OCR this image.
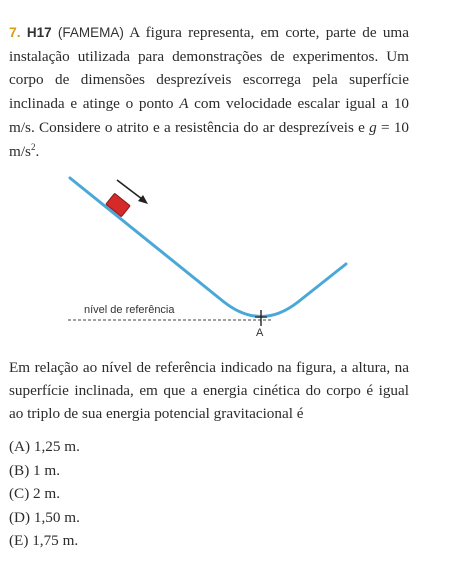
7. H17 (FAMEMA) A figura representa, em corte, parte de uma instalação utilizada para demonstrações de experimentos. Um corpo de dimensões desprezíveis escorrega pela superfície inclinada e atinge o ponto A com velocidade escalar igual a 10 m/s. Considere o atrito e a resistência do ar desprezíveis e g = 10 $m/s^2$.
nível de referência
A
Em relação ao nível de referência indicado na figura, a altura, na superfície inclinada, em que a energia cinética do corpo é igual ao triplo de sua energia potencial gravitacional é
(A) 1,25 m.
(B) 1 m.
(C) 2 m.
(D) 1,50 m.
(E) 1,75 m.
